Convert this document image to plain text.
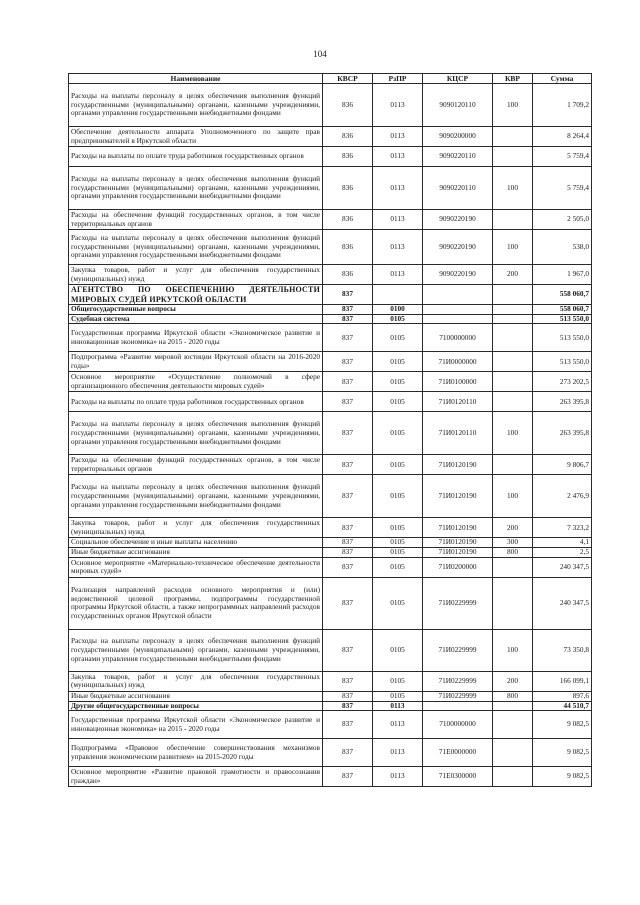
104
Наименование	КВСР	РзПР	КЦСР	КВР	Сумма
Расходы на выплаты персоналу в целях обеспечения выполнения функций государственными (муниципальными) органами, казенными учреждениями, органами управления государственными внебюджетными фондами	836	0113	9090120110	100	1 709,2
Обеспечение деятельности аппарата Уполномоченного по защите прав предпринимателей в Иркутской области	836	0113	9090200000		8 264,4
Расходы на выплаты по оплате труда работников государственных органов	836	0113	9090220110		5 759,4
Расходы на выплаты персоналу в целях обеспечения выполнения функций государственными (муниципальными) органами, казенными учреждениями, органами управления государственными внебюджетными фондами	836	0113	9090220110	100	5 759,4
Расходы на обеспечение функций государственных органов, в том числе территориальных органов	836	0113	9090220190		2 505,0
Расходы на выплаты персоналу в целях обеспечения выполнения функций государственными (муниципальными) органами, казенными учреждениями, органами управления государственными внебюджетными фондами	836	0113	9090220190	100	538,0
Закупка товаров, работ и услуг для обеспечения государственных (муниципальных) нужд	836	0113	9090220190	200	1 967,0
АГЕНТСТВО ПО ОБЕСПЕЧЕНИЮ ДЕЯТЕЛЬНОСТИ МИРОВЫХ СУДЕЙ ИРКУТСКОЙ ОБЛАСТИ	837				558 060,7
Общегосударственные вопросы	837	0100			558 060,7
Судебная система	837	0105			513 550,0
Государственная программа Иркутской области «Экономическое развитие и инновационная экономика» на 2015 - 2020 годы	837	0105	7100000000		513 550,0
Подпрограмма «Развитие мировой юстиции Иркутской области на 2016-2020 годы»	837	0105	71И0000000		513 550,0
Основное мероприятие «Осуществление полномочий в сфере организационного обеспечения деятельности мировых судей»	837	0105	71И0100000		273 202,5
Расходы на выплаты по оплате труда работников государственных органов	837	0105	71И0120110		263 395,8
Расходы на выплаты персоналу в целях обеспечения выполнения функций государственными (муниципальными) органами, казенными учреждениями, органами управления государственными внебюджетными фондами	837	0105	71И0120110	100	263 395,8
Расходы на обеспечение функций государственных органов, в том числе территориальных органов	837	0105	71И0120190		9 806,7
Расходы на выплаты персоналу в целях обеспечения выполнения функций государственными (муниципальными) органами, казенными учреждениями, органами управления государственными внебюджетными фондами	837	0105	71И0120190	100	2 476,9
Закупка товаров, работ и услуг для обеспечения государственных (муниципальных) нужд	837	0105	71И0120190	200	7 323,2
Социальное обеспечение и иные выплаты населению	837	0105	71И0120190	300	4,1
Иные бюджетные ассигнования	837	0105	71И0120190	800	2,5
Основное мероприятие «Материально-техническое обеспечение деятельности мировых судей»	837	0105	71И0200000		240 347,5
Реализация направлений расходов основного мероприятия и (или) ведомственной целевой программы, подпрограммы государственной программы Иркутской области, а также непрограммных направлений расходов государственных органов Иркутской области	837	0105	71И0229999		240 347,5
Расходы на выплаты персоналу в целях обеспечения выполнения функций государственными (муниципальными) органами, казенными учреждениями, органами управления государственными внебюджетными фондами	837	0105	71И0229999	100	73 350,8
Закупка товаров, работ и услуг для обеспечения государственных (муниципальных) нужд	837	0105	71И0229999	200	166 099,1
Иные бюджетные ассигнования	837	0105	71И0229999	800	897,6
Другие общегосударственные вопросы	837	0113			44 510,7
Государственная программа Иркутской области «Экономическое развитие и инновационная экономика» на 2015 - 2020 годы	837	0113	7100000000		9 082,5
Подпрограмма «Правовое обеспечение совершенствования механизмов управления экономическим развитием» на 2015-2020 годы	837	0113	71Е0000000		9 082,5
Основное мероприятие «Развитие правовой грамотности и правосознания граждан»	837	0113	71Е0300000		9 082,5
